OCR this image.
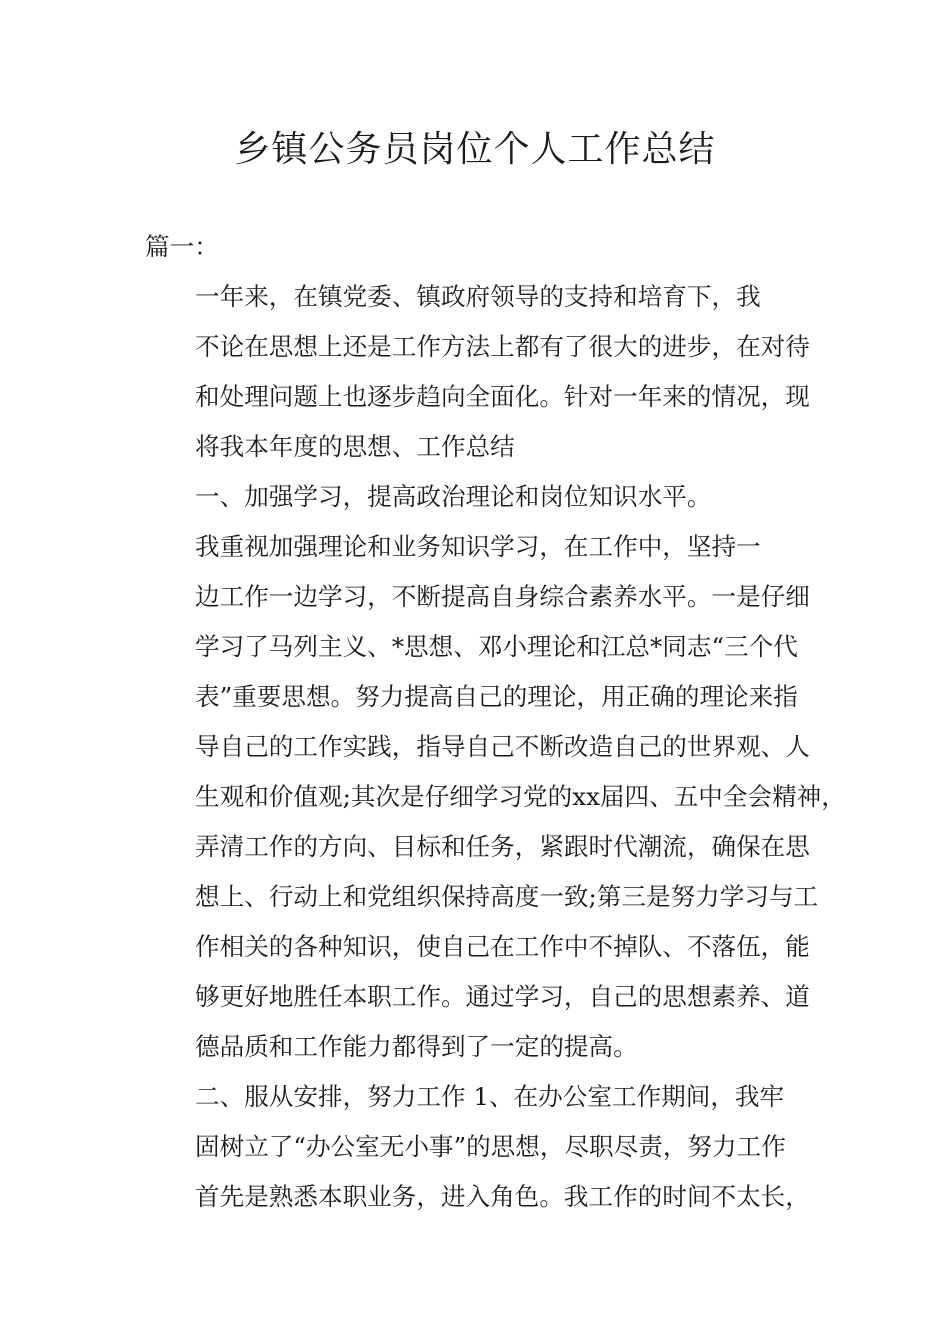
乡镇公务员岗位个人工作总结

篇一：

一年来，在镇党委、镇政府领导的支持和培育下，我
不论在思想上还是工作方法上都有了很大的进步，在对待
和处理问题上也逐步趋向全面化。针对一年来的情况，现
将我本年度的思想、工作总结

一、加强学习，提高政治理论和岗位知识水平。

我重视加强理论和业务知识学习，在工作中，坚持一
边工作一边学习，不断提高自身综合素养水平。一是仔细
学习了马列主义、*思想、邓小理论和江总*同志“三个代
表”重要思想。努力提高自己的理论，用正确的理论来指
导自己的工作实践，指导自己不断改造自己的世界观、人
生观和价值观;其次是仔细学习党的xx届四、五中全会精神，
弄清工作的方向、目标和任务，紧跟时代潮流，确保在思
想上、行动上和党组织保持高度一致;第三是努力学习与工
作相关的各种知识，使自己在工作中不掉队、不落伍，能
够更好地胜任本职工作。通过学习，自己的思想素养、道
德品质和工作能力都得到了一定的提高。

二、服从安排，努力工作 1、在办公室工作期间，我牢
固树立了“办公室无小事”的思想，尽职尽责，努力工作
首先是熟悉本职业务，进入角色。我工作的时间不太长，
